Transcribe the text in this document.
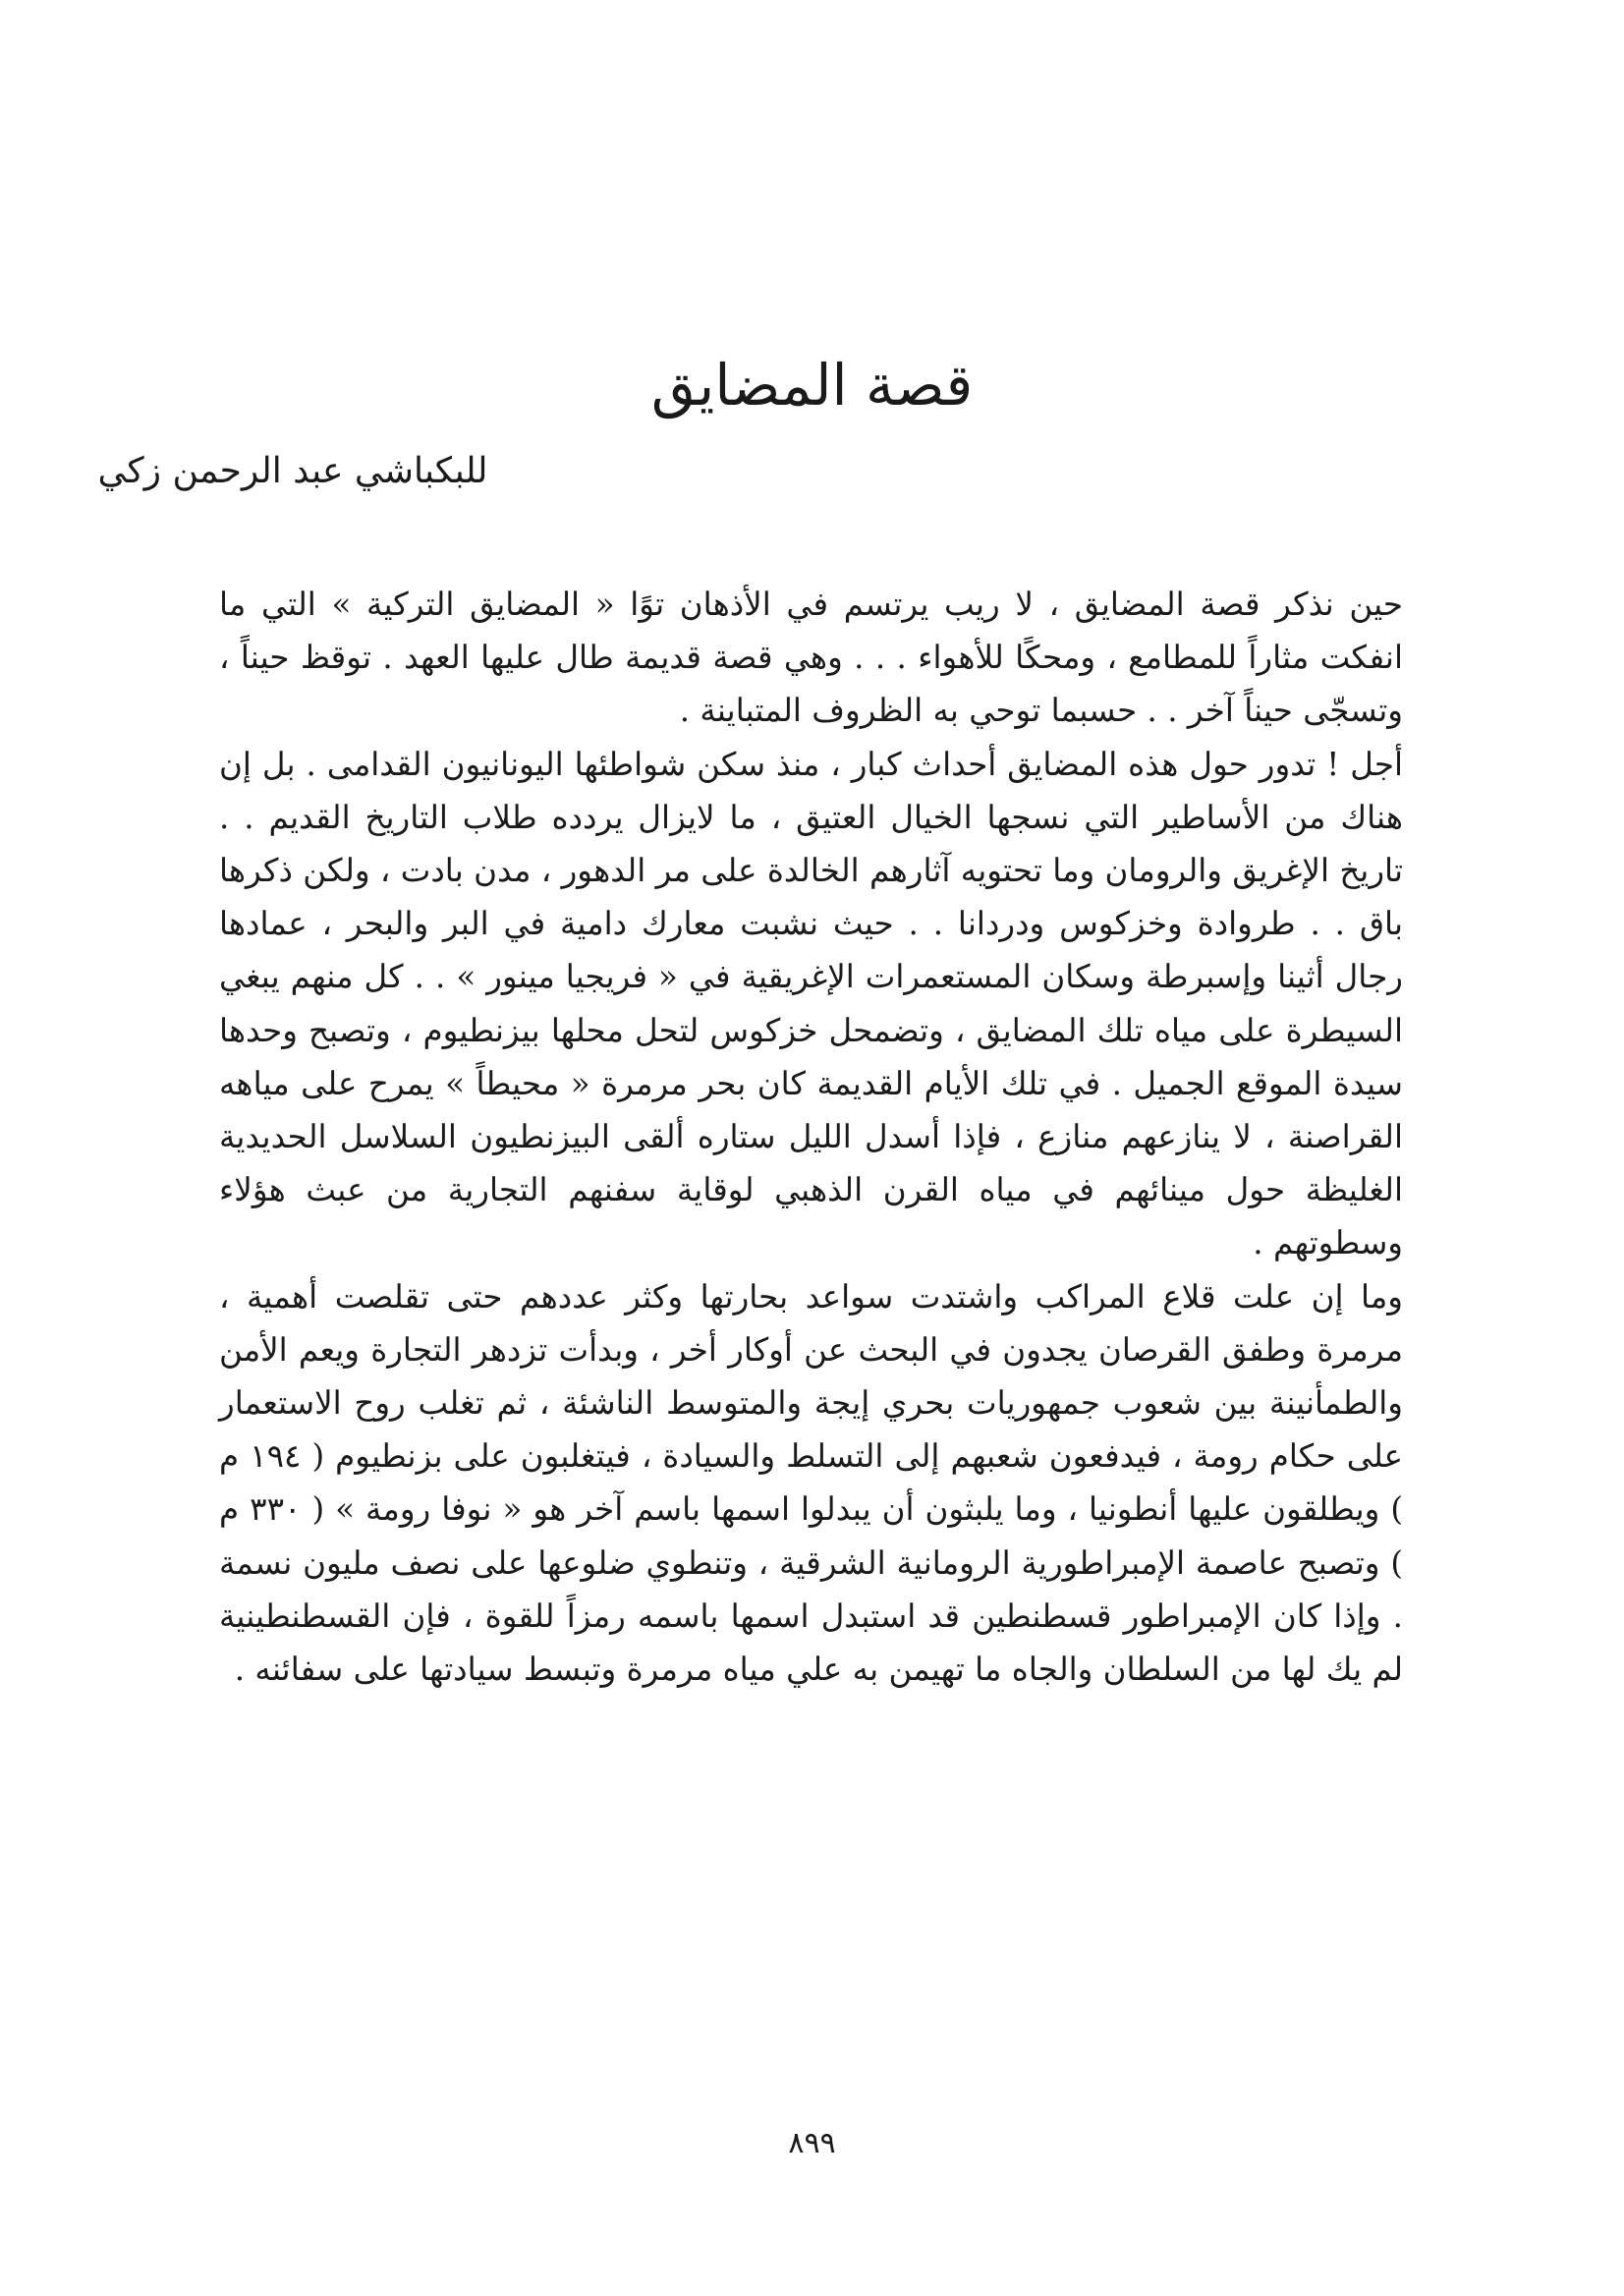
قصة المضايق
للبكباشي عبد الرحمن زكي

حين نذكر قصة المضايق ، لا ريب يرتسم في الأذهان توًا « المضايق التركية » التي ما انفكت مثاراً للمطامع ، ومحكًا للأهواء . . . وهي قصة قديمة طال عليها العهد . توقظ حيناً ، وتسجّى حيناً آخر . . حسبما توحي به الظروف المتباينة .

أجل ! تدور حول هذه المضايق أحداث كبار ، منذ سكن شواطئها اليونانيون القدامى . بل إن هناك من الأساطير التي نسجها الخيال العتيق ، ما لايزال يردده طلاب التاريخ القديم . . تاريخ الإغريق والرومان وما تحتويه آثارهم الخالدة على مر الدهور ، مدن بادت ، ولكن ذكرها باق . . طروادة وخزكوس ودردانا . . حيث نشبت معارك دامية في البر والبحر ، عمادها رجال أثينا وإسبرطة وسكان المستعمرات الإغريقية في « فريجيا مينور » . . كل منهم يبغي السيطرة على مياه تلك المضايق ، وتضمحل خزكوس لتحل محلها بيزنطيوم ، وتصبح وحدها سيدة الموقع الجميل . في تلك الأيام القديمة كان بحر مرمرة « محيطاً » يمرح على مياهه القراصنة ، لا ينازعهم منازع ، فإذا أسدل الليل ستاره ألقى البيزنطيون السلاسل الحديدية الغليظة حول مينائهم في مياه القرن الذهبي لوقاية سفنهم التجارية من عبث هؤلاء وسطوتهم .

وما إن علت قلاع المراكب واشتدت سواعد بحارتها وكثر عددهم حتى تقلصت أهمية ، مرمرة وطفق القرصان يجدون في البحث عن أوكار أخر ، وبدأت تزدهر التجارة ويعم الأمن والطمأنينة بين شعوب جمهوريات بحري إيجة والمتوسط الناشئة ، ثم تغلب روح الاستعمار على حكام رومة ، فيدفعون شعبهم إلى التسلط والسيادة ، فيتغلبون على بزنطيوم ( ١٩٤ م ) ويطلقون عليها أنطونيا ، وما يلبثون أن يبدلوا اسمها باسم آخر هو « نوفا رومة » ( ٣٣٠ م ) وتصبح عاصمة الإمبراطورية الرومانية الشرقية ، وتنطوي ضلوعها على نصف مليون نسمة . وإذا كان الإمبراطور قسطنطين قد استبدل اسمها باسمه رمزاً للقوة ، فإن القسطنطينية لم يك لها من السلطان والجاه ما تهيمن به علي مياه مرمرة وتبسط سيادتها على سفائنه .

٨٩٩
